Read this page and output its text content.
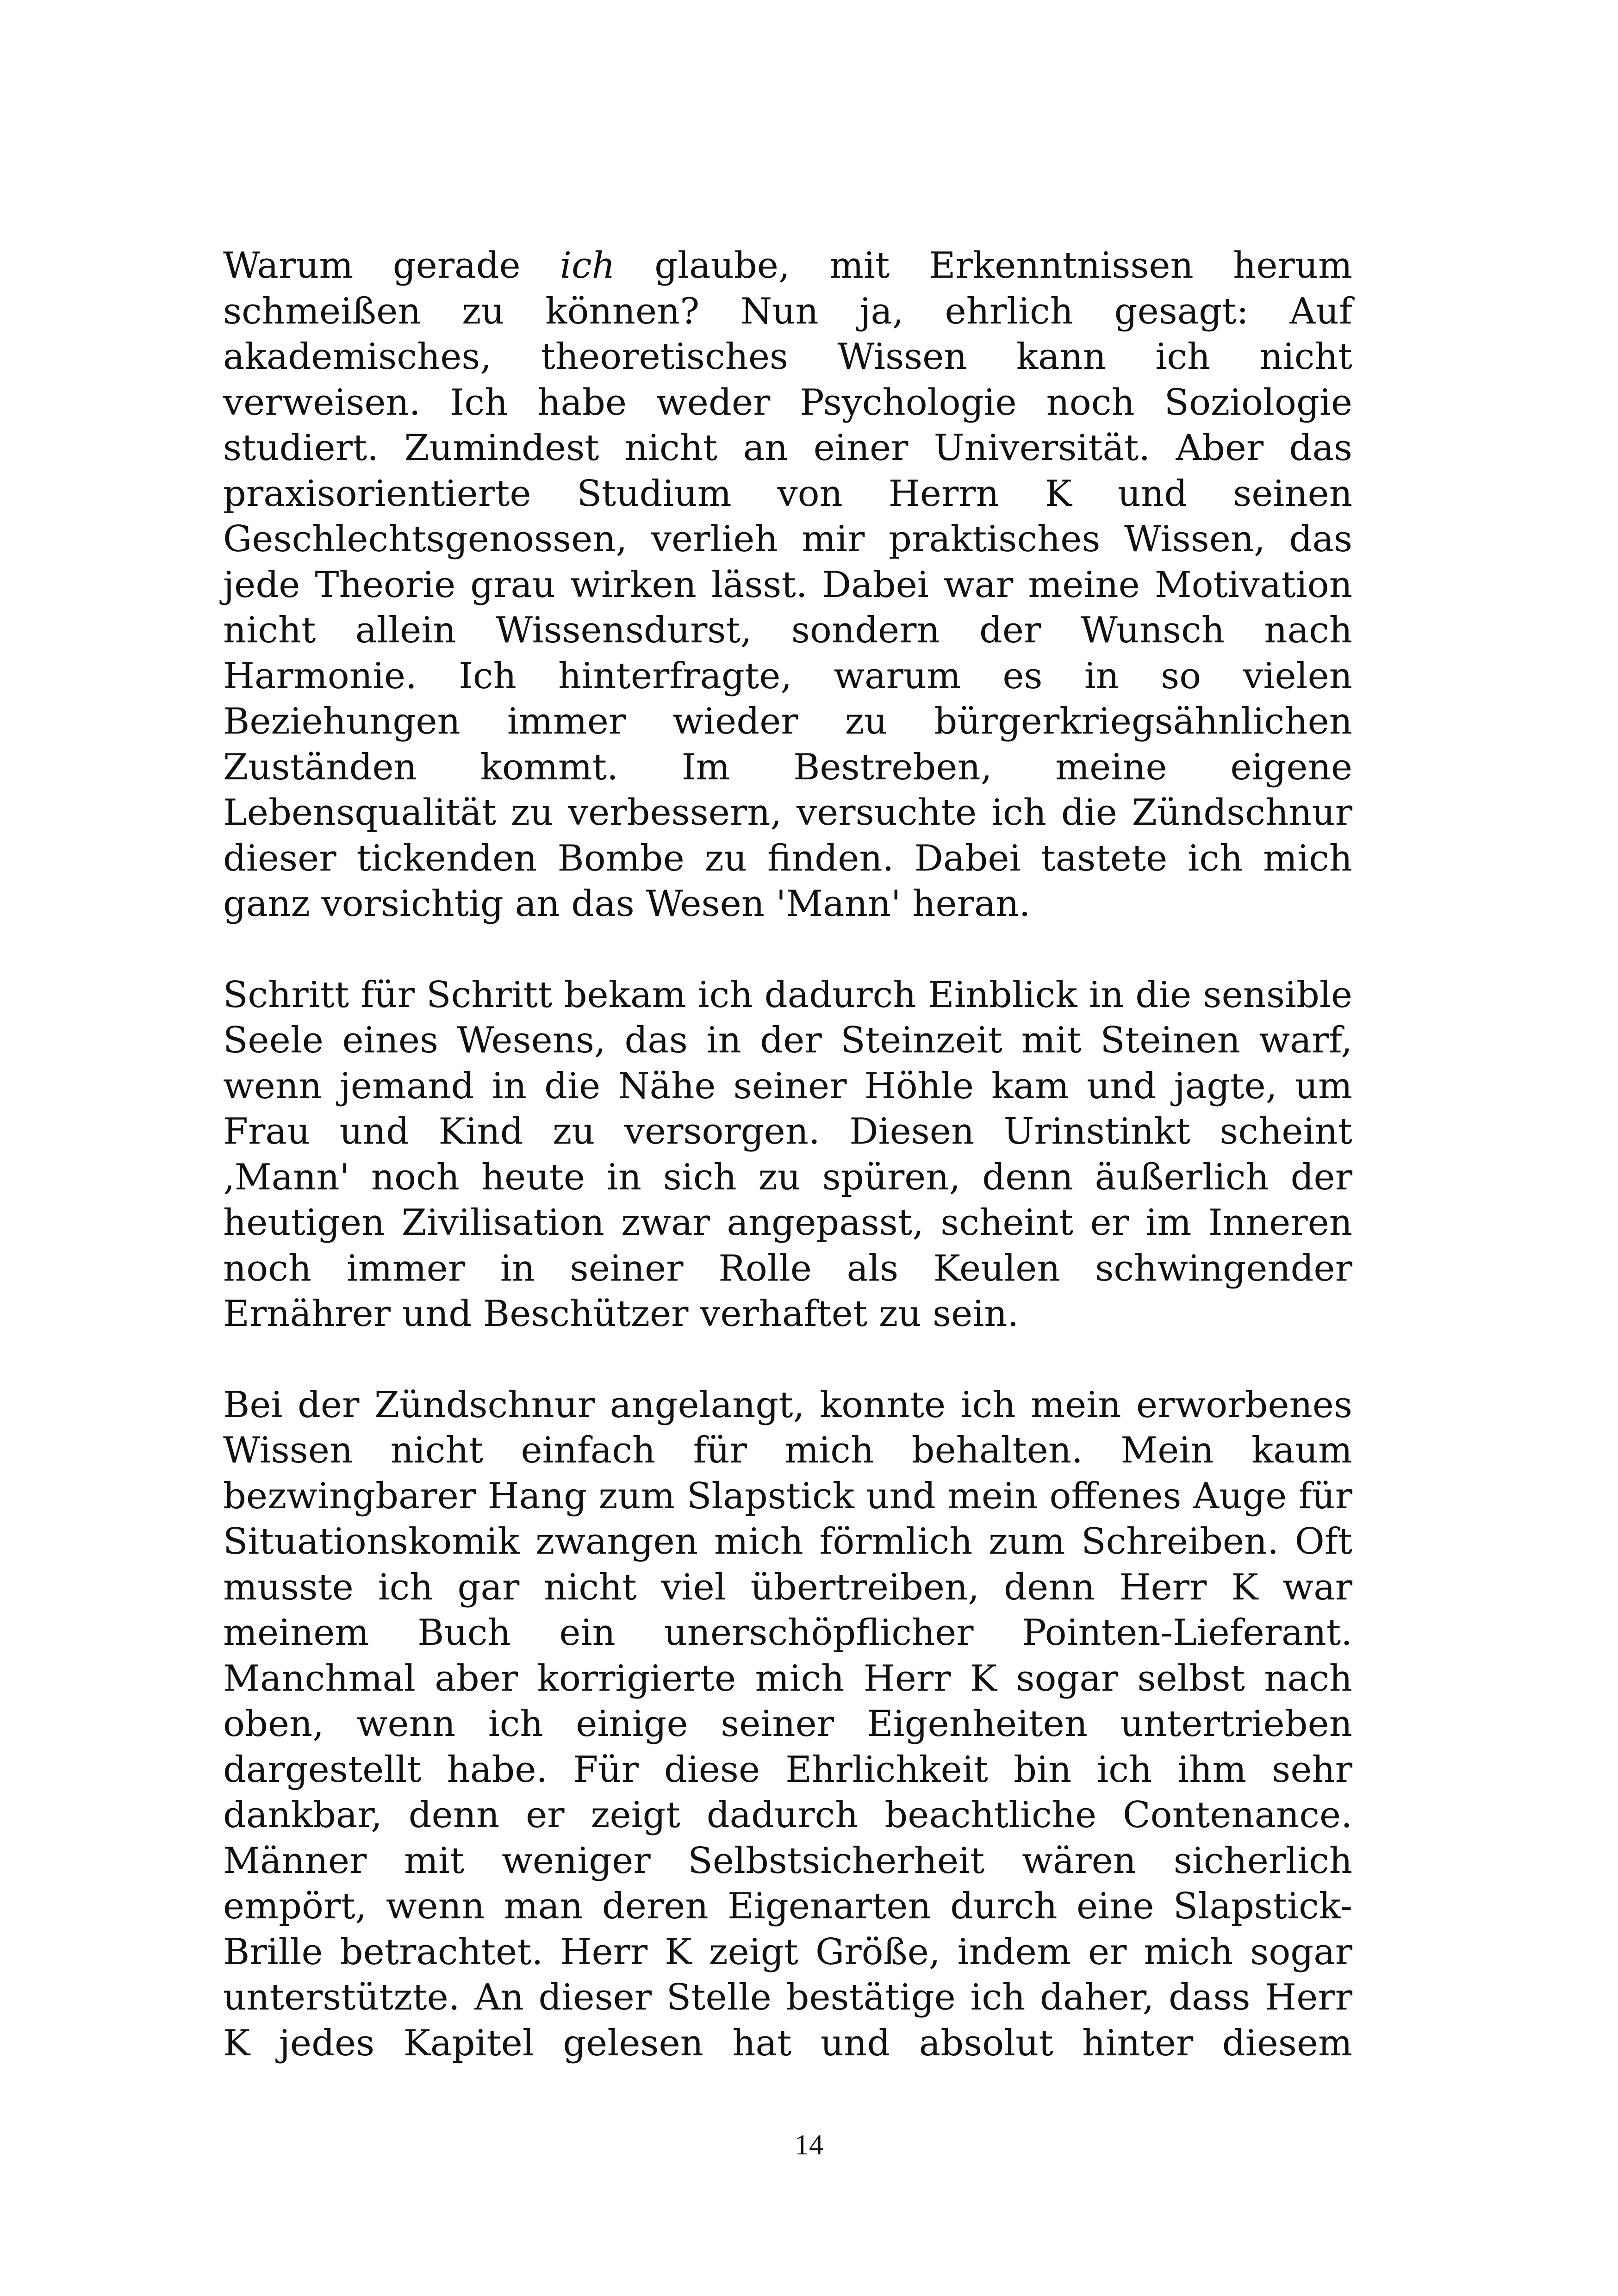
Warum gerade ich glaube, mit Erkenntnissen herum schmeißen zu können? Nun ja, ehrlich gesagt: Auf akademisches, theoretisches Wissen kann ich nicht verweisen. Ich habe weder Psychologie noch Soziologie studiert. Zumindest nicht an einer Universität. Aber das praxisorientierte Studium von Herrn K und seinen Geschlechtsgenossen, verlieh mir praktisches Wissen, das jede Theorie grau wirken lässt. Dabei war meine Motivation nicht allein Wissensdurst, sondern der Wunsch nach Harmonie. Ich hinterfragte, warum es in so vielen Beziehungen immer wieder zu bürgerkriegsähnlichen Zuständen kommt. Im Bestreben, meine eigene Lebensqualität zu verbessern, versuchte ich die Zündschnur dieser tickenden Bombe zu finden. Dabei tastete ich mich ganz vorsichtig an das Wesen 'Mann' heran.

Schritt für Schritt bekam ich dadurch Einblick in die sensible Seele eines Wesens, das in der Steinzeit mit Steinen warf, wenn jemand in die Nähe seiner Höhle kam und jagte, um Frau und Kind zu versorgen. Diesen Urinstinkt scheint ‚Mann' noch heute in sich zu spüren, denn äußerlich der heutigen Zivilisation zwar angepasst, scheint er im Inneren noch immer in seiner Rolle als Keulen schwingender Ernährer und Beschützer verhaftet zu sein.

Bei der Zündschnur angelangt, konnte ich mein erworbenes Wissen nicht einfach für mich behalten. Mein kaum bezwingbarer Hang zum Slapstick und mein offenes Auge für Situationskomik zwangen mich förmlich zum Schreiben. Oft musste ich gar nicht viel übertreiben, denn Herr K war meinem Buch ein unerschöpflicher Pointen-Lieferant. Manchmal aber korrigierte mich Herr K sogar selbst nach oben, wenn ich einige seiner Eigenheiten untertrieben dargestellt habe. Für diese Ehrlichkeit bin ich ihm sehr dankbar, denn er zeigt dadurch beachtliche Contenance. Männer mit weniger Selbstsicherheit wären sicherlich empört, wenn man deren Eigenarten durch eine Slapstick-Brille betrachtet. Herr K zeigt Größe, indem er mich sogar unterstützte. An dieser Stelle bestätige ich daher, dass Herr K jedes Kapitel gelesen hat und absolut hinter diesem

14
